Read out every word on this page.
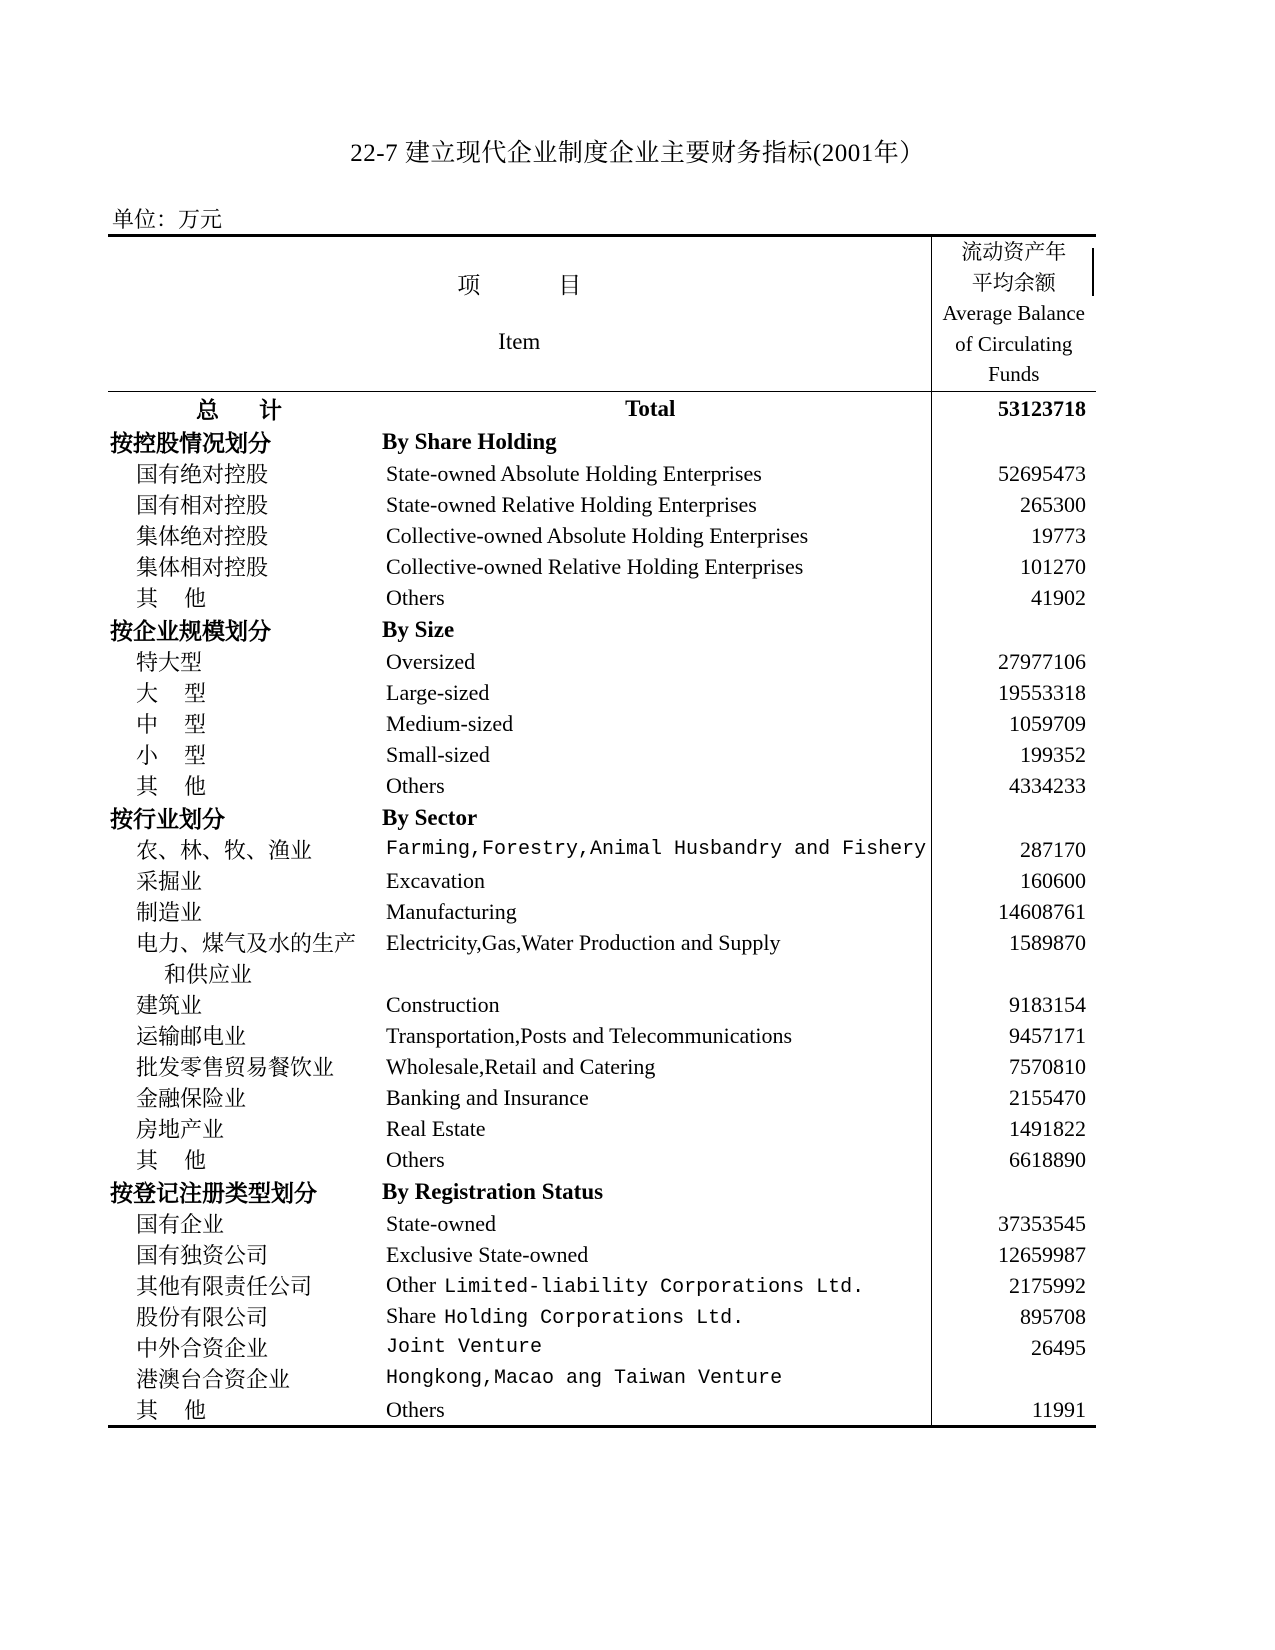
22-7 建立现代企业制度企业主要财务指标(2001年）
单位：万元
项	目
Item

流动资产年
平均余额
Average Balance
of Circulating
Funds

总 计	Total	53123718
按控股情况划分	By Share Holding	
国有绝对控股	State-owned Absolute Holding Enterprises	52695473
国有相对控股	State-owned Relative Holding Enterprises	265300
集体绝对控股	Collective-owned Absolute Holding Enterprises	19773
集体相对控股	Collective-owned Relative Holding Enterprises	101270
其 他	Others	41902
按企业规模划分	By Size	
特大型	Oversized	27977106
大 型	Large-sized	19553318
中 型	Medium-sized	1059709
小 型	Small-sized	199352
其 他	Others	4334233
按行业划分	By Sector	
农、林、牧、渔业	Farming,Forestry,Animal Husbandry and Fishery	287170
采掘业	Excavation	160600
制造业	Manufacturing	14608761
电力、煤气及水的生产	Electricity,Gas,Water Production and Supply	1589870
和供应业		
建筑业	Construction	9183154
运输邮电业	Transportation,Posts and Telecommunications	9457171
批发零售贸易餐饮业	Wholesale,Retail and Catering	7570810
金融保险业	Banking and Insurance	2155470
房地产业	Real Estate	1491822
其 他	Others	6618890
按登记注册类型划分	By Registration Status	
国有企业	State-owned	37353545
国有独资公司	Exclusive State-owned	12659987
其他有限责任公司	Other Limited-liability Corporations Ltd.	2175992
股份有限公司	Share Holding Corporations Ltd.	895708
中外合资企业	Joint Venture	26495
港澳台合资企业	Hongkong,Macao ang Taiwan Venture	
其 他	Others	11991
